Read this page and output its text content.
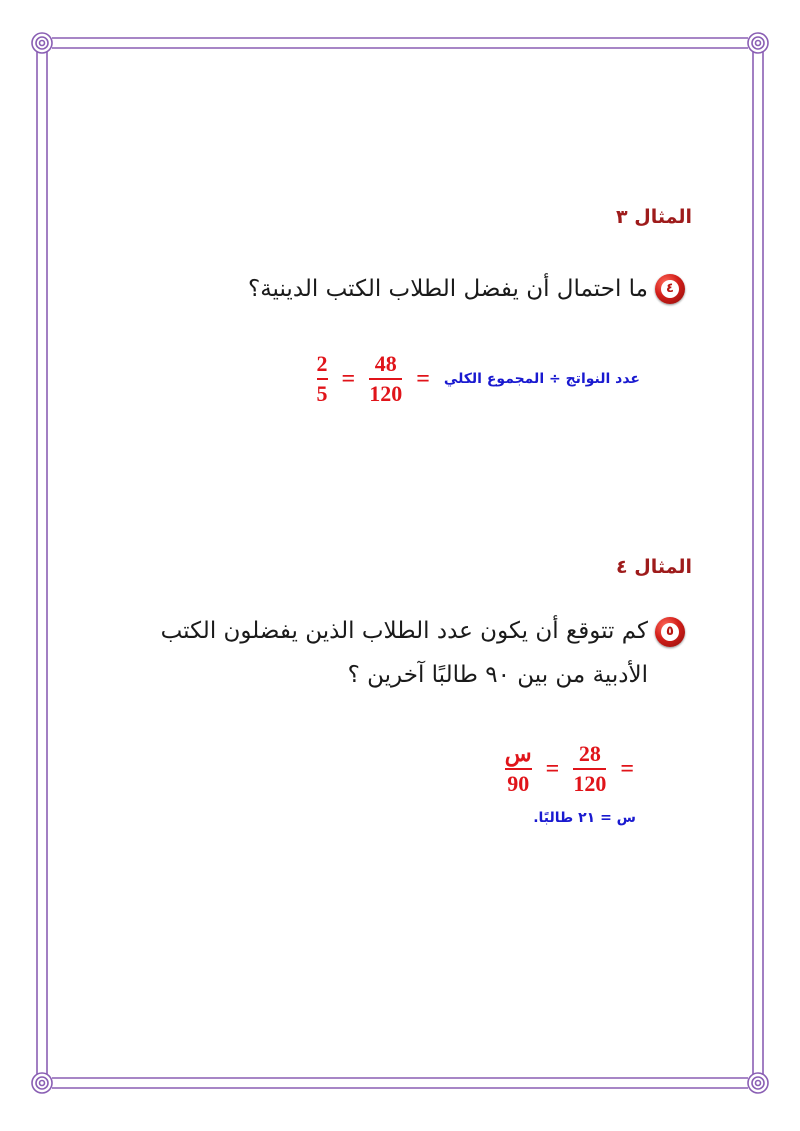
المثال ٣
٤
ما احتمال أن يفضل الطلاب الكتب الدينية؟
عدد النواتج ÷ المجموع الكلي
=
$\frac{48}{120}$
=
$\frac{2}{5}$
المثال ٤
٥
كم تتوقع أن يكون عدد الطلاب الذين يفضلون الكتب
الأدبية من بين ٩٠ طالبًا آخرين ؟
=
$\frac{28}{120}$
=
$\frac{\text{س}}{90}$
س = ٢١ طالبًا.
